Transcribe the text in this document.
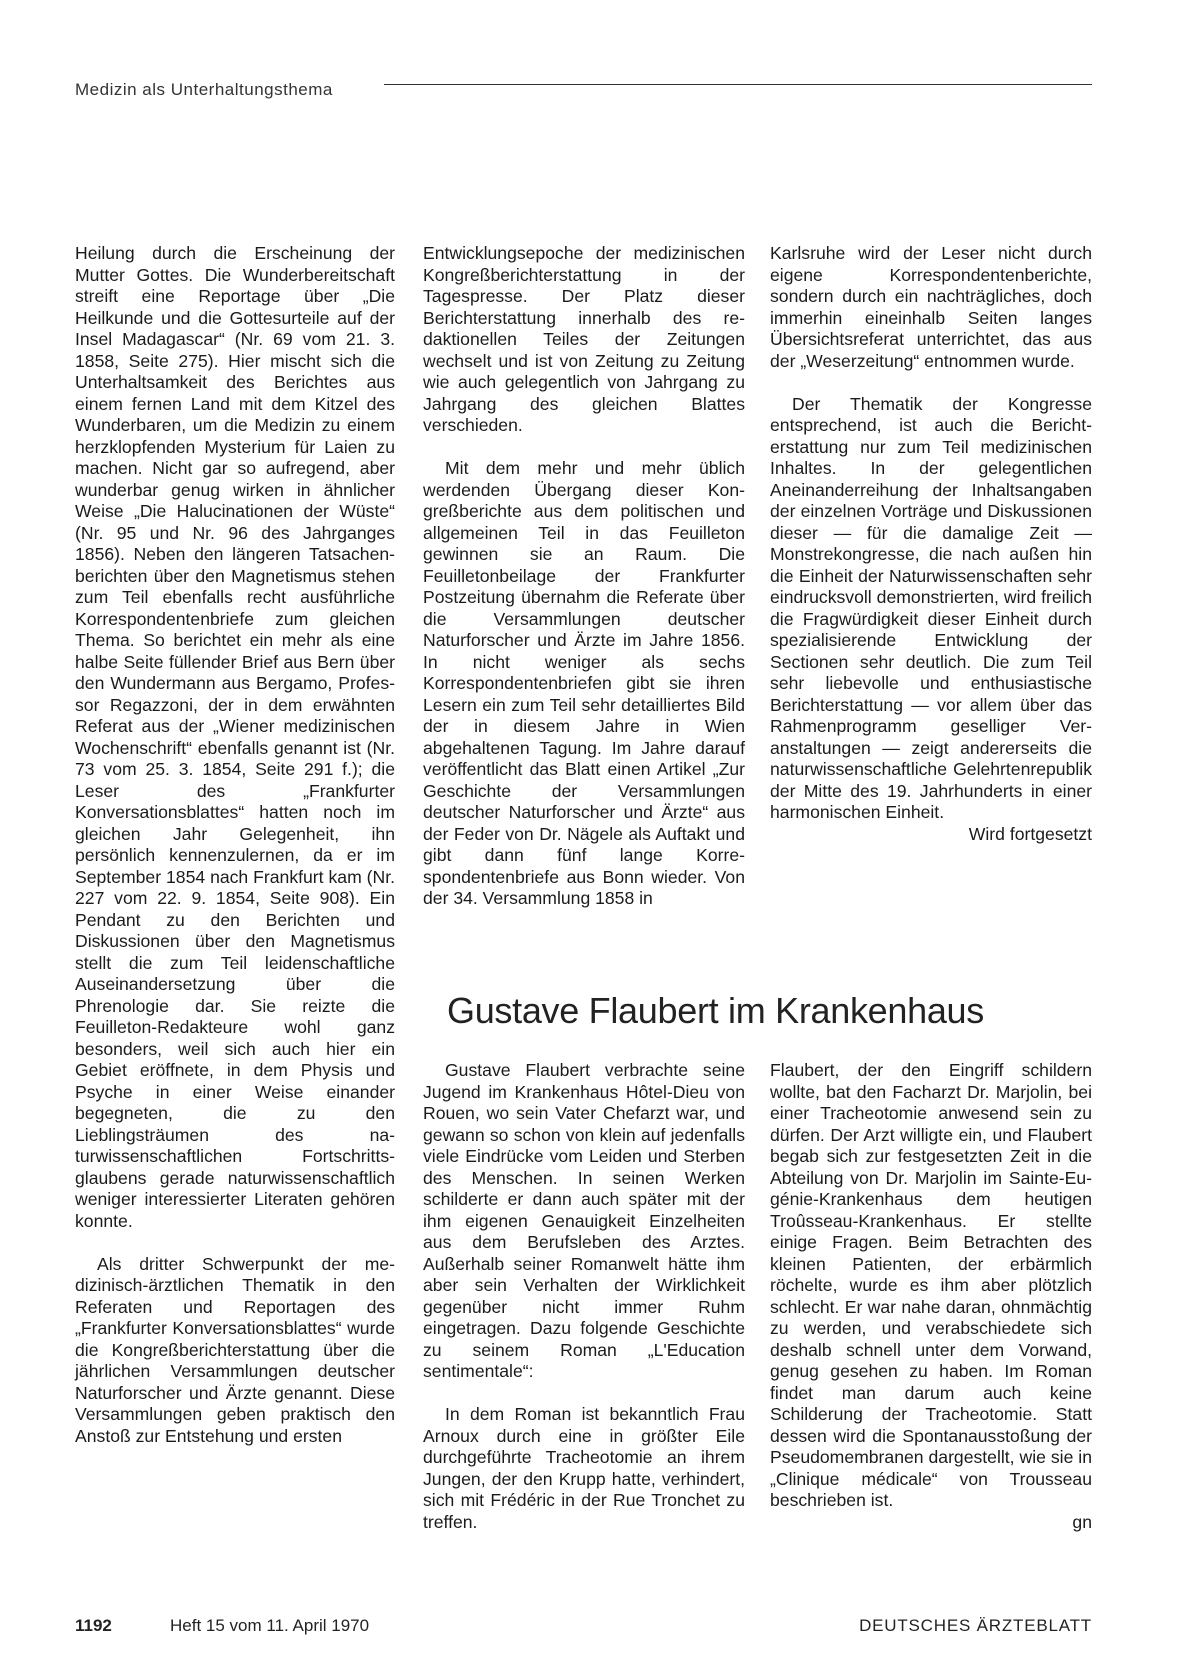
Medizin als Unterhaltungsthema

Heilung durch die Erscheinung der Mutter Gottes. Die Wunderbereitschaft streift eine Reportage über „Die Heilkunde und die Gottesurteile auf der Insel Madagascar“ (Nr. 69 vom 21. 3. 1858, Seite 275). Hier mischt sich die Unterhaltsamkeit des Berichtes aus einem fernen Land mit dem Kitzel des Wunderbaren, um die Medizin zu einem herzklopfenden Mysterium für Laien zu machen. Nicht gar so aufregend, aber wunderbar genug wirken in ähnlicher Weise „Die Halucinationen der Wüste“ (Nr. 95 und Nr. 96 des Jahrganges 1856). Neben den längeren Tatsachenberichten über den Magnetismus stehen zum Teil ebenfalls recht ausführliche Korrespondentenbriefe zum gleichen Thema. So berichtet ein mehr als eine halbe Seite füllender Brief aus Bern über den Wundermann aus Bergamo, Professor Regazzoni, der in dem erwähnten Referat aus der „Wiener medizinischen Wochenschrift“ ebenfalls genannt ist (Nr. 73 vom 25. 3. 1854, Seite 291 f.); die Leser des „Frankfurter Konversationsblattes“ hatten noch im gleichen Jahr Gelegenheit, ihn persönlich kennenzulernen, da er im September 1854 nach Frankfurt kam (Nr. 227 vom 22. 9. 1854, Seite 908). Ein Pendant zu den Berichten und Diskussionen über den Magnetismus stellt die zum Teil leidenschaftliche Auseinandersetzung über die Phrenologie dar. Sie reizte die Feuilleton-Redakteure wohl ganz besonders, weil sich auch hier ein Gebiet eröffnete, in dem Physis und Psyche in einer Weise einander begegneten, die zu den Lieblingsträumen des naturwissenschaftlichen Fortschrittsglaubens gerade naturwissenschaftlich weniger interessierter Literaten gehören konnte.

Als dritter Schwerpunkt der medizinisch-ärztlichen Thematik in den Referaten und Reportagen des „Frankfurter Konversationsblattes“ wurde die Kongreßberichterstattung über die jährlichen Versammlungen deutscher Naturforscher und Ärzte genannt. Diese Versammlungen geben praktisch den Anstoß zur Entstehung und ersten

Entwicklungsepoche der medizinischen Kongreßberichterstattung in der Tagespresse. Der Platz dieser Berichterstattung innerhalb des redaktionellen Teiles der Zeitungen wechselt und ist von Zeitung zu Zeitung wie auch gelegentlich von Jahrgang zu Jahrgang des gleichen Blattes verschieden.

Mit dem mehr und mehr üblich werdenden Übergang dieser Kongreßberichte aus dem politischen und allgemeinen Teil in das Feuilleton gewinnen sie an Raum. Die Feuilletonbeilage der Frankfurter Postzeitung übernahm die Referate über die Versammlungen deutscher Naturforscher und Ärzte im Jahre 1856. In nicht weniger als sechs Korrespondentenbriefen gibt sie ihren Lesern ein zum Teil sehr detailliertes Bild der in diesem Jahre in Wien abgehaltenen Tagung. Im Jahre darauf veröffentlicht das Blatt einen Artikel „Zur Geschichte der Versammlungen deutscher Naturforscher und Ärzte“ aus der Feder von Dr. Nägele als Auftakt und gibt dann fünf lange Korrespondentenbriefe aus Bonn wieder. Von der 34. Versammlung 1858 in

Karlsruhe wird der Leser nicht durch eigene Korrespondentenberichte, sondern durch ein nachträgliches, doch immerhin eineinhalb Seiten langes Übersichtsreferat unterrichtet, das aus der „Weserzeitung“ entnommen wurde.

Der Thematik der Kongresse entsprechend, ist auch die Berichterstattung nur zum Teil medizinischen Inhaltes. In der gelegentlichen Aneinanderreihung der Inhaltsangaben der einzelnen Vorträge und Diskussionen dieser — für die damalige Zeit — Monstrekongresse, die nach außen hin die Einheit der Naturwissenschaften sehr eindrucksvoll demonstrierten, wird freilich die Fragwürdigkeit dieser Einheit durch spezialisierende Entwicklung der Sectionen sehr deutlich. Die zum Teil sehr liebevolle und enthusiastische Berichterstattung — vor allem über das Rahmenprogramm geselliger Veranstaltungen — zeigt andererseits die naturwissenschaftliche Gelehrtenrepublik der Mitte des 19. Jahrhunderts in einer harmonischen Einheit.

Wird fortgesetzt

Gustave Flaubert im Krankenhaus

Gustave Flaubert verbrachte seine Jugend im Krankenhaus Hôtel-Dieu von Rouen, wo sein Vater Chefarzt war, und gewann so schon von klein auf jedenfalls viele Eindrücke vom Leiden und Sterben des Menschen. In seinen Werken schilderte er dann auch später mit der ihm eigenen Genauigkeit Einzelheiten aus dem Berufsleben des Arztes. Außerhalb seiner Romanwelt hätte ihm aber sein Verhalten der Wirklichkeit gegenüber nicht immer Ruhm eingetragen. Dazu folgende Geschichte zu seinem Roman „L'Education sentimentale“:

In dem Roman ist bekanntlich Frau Arnoux durch eine in größter Eile durchgeführte Tracheotomie an ihrem Jungen, der den Krupp hatte, verhindert, sich mit Frédéric in der Rue Tronchet zu treffen.

Flaubert, der den Eingriff schildern wollte, bat den Facharzt Dr. Marjolin, bei einer Tracheotomie anwesend sein zu dürfen. Der Arzt willigte ein, und Flaubert begab sich zur festgesetzten Zeit in die Abteilung von Dr. Marjolin im Sainte-Eugénie-Krankenhaus dem heutigen Troûsseau-Krankenhaus. Er stellte einige Fragen. Beim Betrachten des kleinen Patienten, der erbärmlich röchelte, wurde es ihm aber plötzlich schlecht. Er war nahe daran, ohnmächtig zu werden, und verabschiedete sich deshalb schnell unter dem Vorwand, genug gesehen zu haben. Im Roman findet man darum auch keine Schilderung der Tracheotomie. Statt dessen wird die Spontanausstoßung der Pseudomembranen dargestellt, wie sie in „Clinique médicale“ von Trousseau beschrieben ist.

gn

1192	Heft 15 vom 11. April 1970	DEUTSCHES ÄRZTEBLATT
